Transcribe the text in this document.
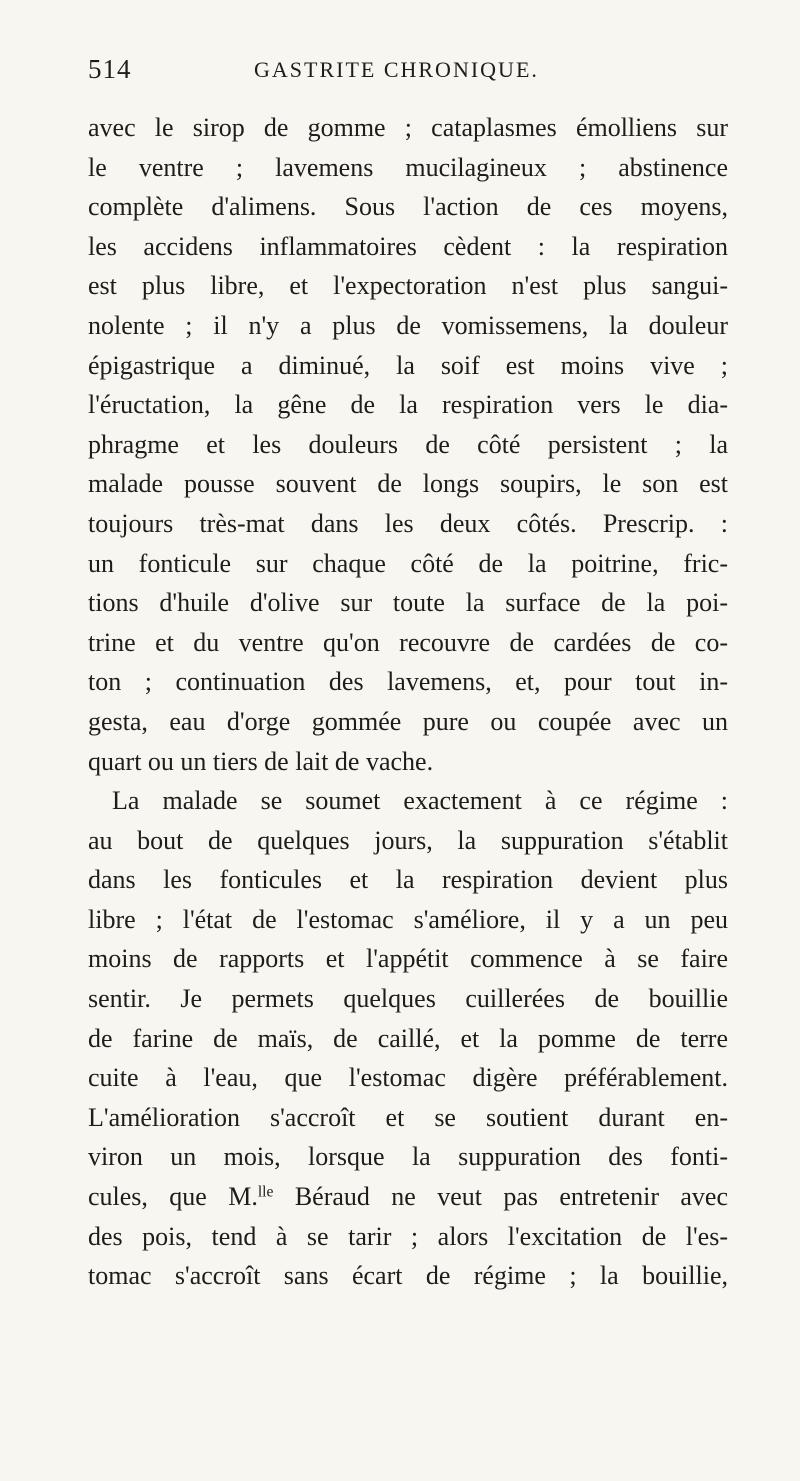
514	GASTRITE CHRONIQUE.
avec le sirop de gomme ; cataplasmes émolliens sur
le ventre ; lavemens mucilagineux ; abstinence
complète d'alimens. Sous l'action de ces moyens,
les accidens inflammatoires cèdent : la respiration
est plus libre, et l'expectoration n'est plus sangui-
nolente ; il n'y a plus de vomissemens, la douleur
épigastrique a diminué, la soif est moins vive ;
l'éructation, la gêne de la respiration vers le dia-
phragme et les douleurs de côté persistent ; la
malade pousse souvent de longs soupirs, le son est
toujours très-mat dans les deux côtés. Prescrip. :
un fonticule sur chaque côté de la poitrine, fric-
tions d'huile d'olive sur toute la surface de la poi-
trine et du ventre qu'on recouvre de cardées de co-
ton ; continuation des lavemens, et, pour tout in-
gesta, eau d'orge gommée pure ou coupée avec un
quart ou un tiers de lait de vache.
La malade se soumet exactement à ce régime :
au bout de quelques jours, la suppuration s'établit
dans les fonticules et la respiration devient plus
libre ; l'état de l'estomac s'améliore, il y a un peu
moins de rapports et l'appétit commence à se faire
sentir. Je permets quelques cuillerées de bouillie
de farine de maïs, de caillé, et la pomme de terre
cuite à l'eau, que l'estomac digère préférablement.
L'amélioration s'accroît et se soutient durant en-
viron un mois, lorsque la suppuration des fonti-
cules, que M.$^{lle}$ Béraud ne veut pas entretenir avec
des pois, tend à se tarir ; alors l'excitation de l'es-
tomac s'accroît sans écart de régime ; la bouillie,
